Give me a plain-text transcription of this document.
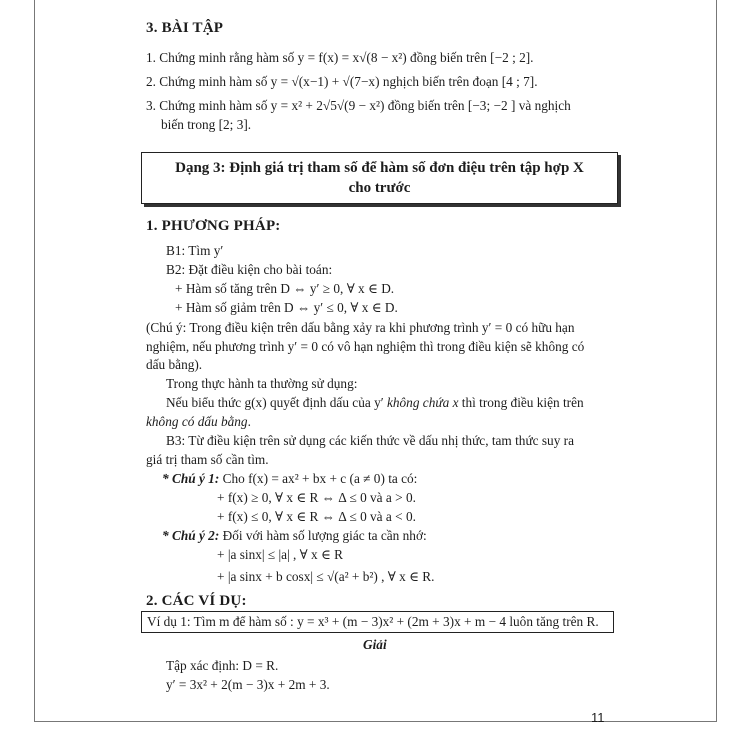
3. BÀI TẬP
1. Chứng minh rằng hàm số y = f(x) = x√(8 − x²) đồng biến trên [−2 ; 2].
2. Chứng minh hàm số y = √(x−1) + √(7−x) nghịch biến trên đoạn [4 ; 7].
3. Chứng minh hàm số y = x² + 2√5√(9 − x²) đồng biến trên [−3; −2 ] và nghịch
biến trong [2; 3].
Dạng 3: Định giá trị tham số để hàm số đơn điệu trên tập hợp X
cho trước
1. PHƯƠNG PHÁP:
B1: Tìm y′
B2: Đặt điều kiện cho bài toán:
+ Hàm số tăng trên D ⇔ y′ ≥ 0, ∀ x ∈ D.
+ Hàm số giảm trên D ⇔ y′ ≤ 0, ∀ x ∈ D.
(Chú ý: Trong điều kiện trên dấu bằng xảy ra khi phương trình y′ = 0 có hữu hạn
nghiệm, nếu phương trình y′ = 0 có vô hạn nghiệm thì trong điều kiện sẽ không có
dấu bằng).
Trong thực hành ta thường sử dụng:
Nếu biểu thức g(x) quyết định dấu của y′ không chứa x thì trong điều kiện trên
không có dấu bằng.
B3: Từ điều kiện trên sử dụng các kiến thức về dấu nhị thức, tam thức suy ra
giá trị tham số cần tìm.
* Chú ý 1: Cho f(x) = ax² + bx + c (a ≠ 0) ta có:
+ f(x) ≥ 0, ∀ x ∈ R ⇔ Δ ≤ 0 và a > 0.
+ f(x) ≤ 0, ∀ x ∈ R ⇔ Δ ≤ 0 và a < 0.
* Chú ý 2: Đối với hàm số lượng giác ta cần nhớ:
+ |a sinx| ≤ |a| , ∀ x ∈ R
+ |a sinx + b cosx| ≤ √(a² + b²) , ∀ x ∈ R.
2. CÁC VÍ DỤ:
Ví dụ 1: Tìm m để hàm số : y = x³ + (m − 3)x² + (2m + 3)x + m − 4 luôn tăng trên R.
Giải
Tập xác định: D = R.
y′ = 3x² + 2(m − 3)x + 2m + 3.
11
